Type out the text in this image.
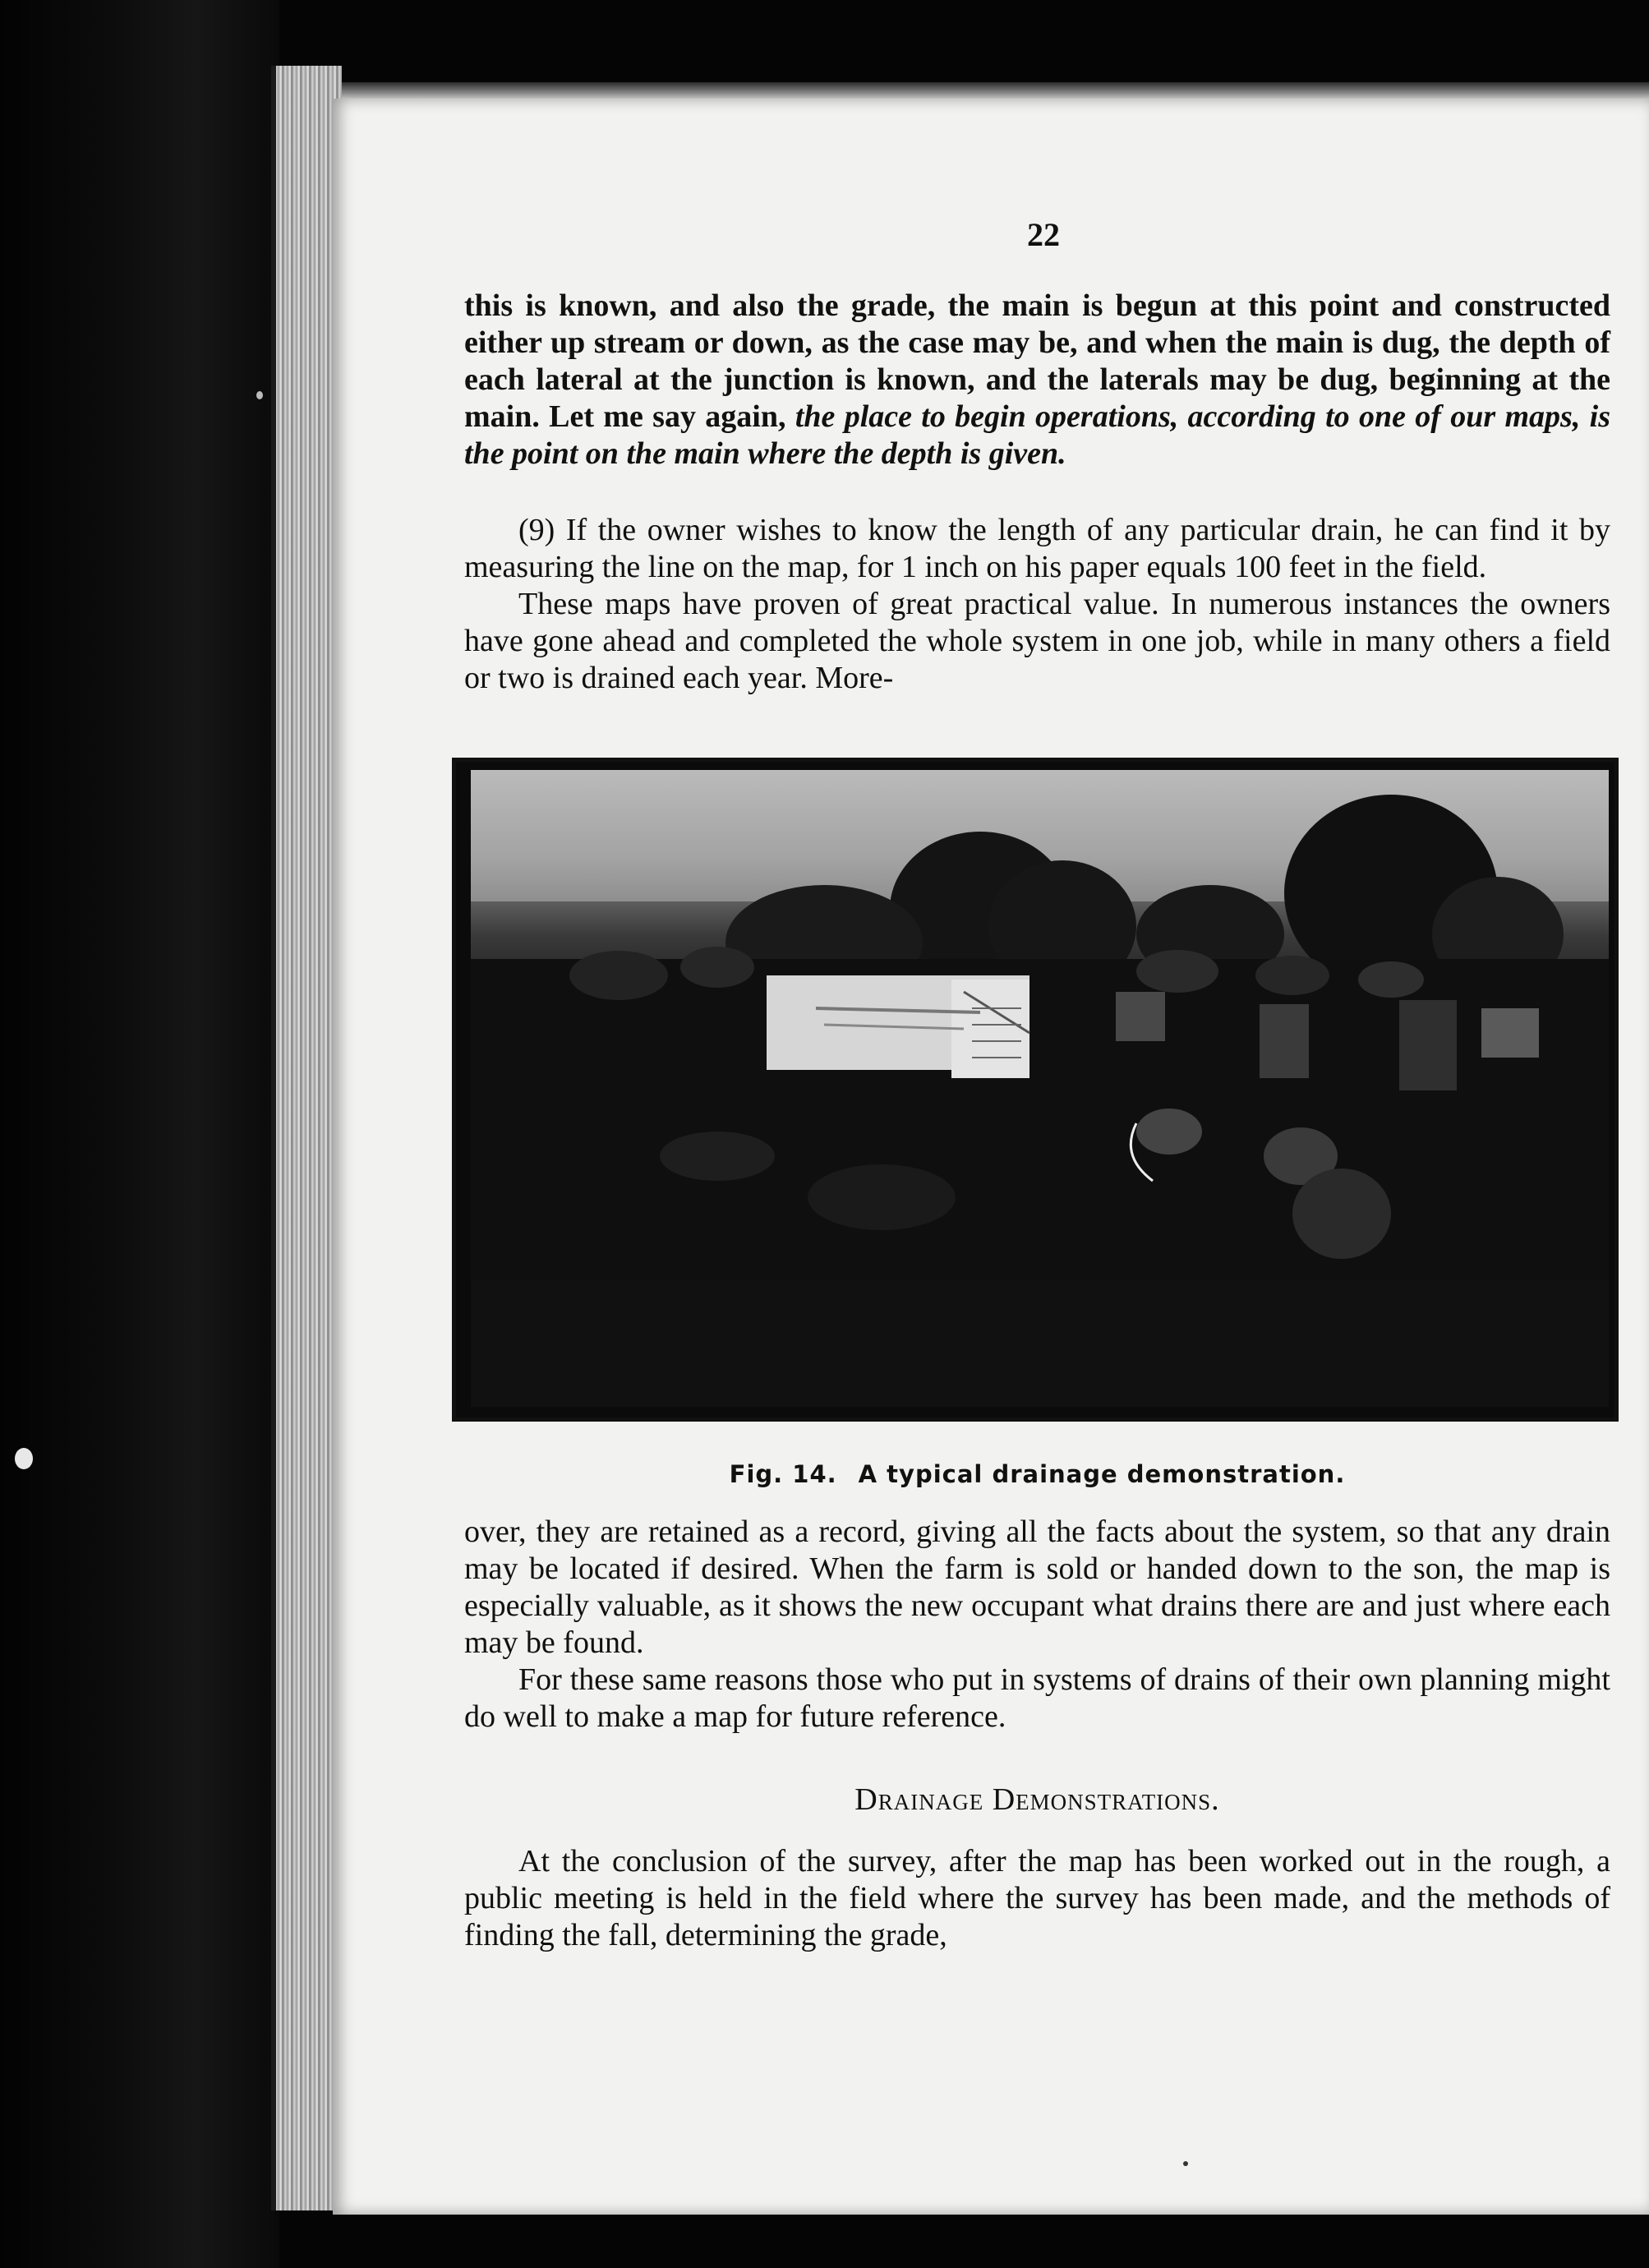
22

this is known, and also the grade, the main is begun at this point and constructed either up stream or down, as the case may be, and when the main is dug, the depth of each lateral at the junction is known, and the laterals may be dug, beginning at the main. Let me say again, the place to begin operations, according to one of our maps, is the point on the main where the depth is given.

(9) If the owner wishes to know the length of any particular drain, he can find it by measuring the line on the map, for 1 inch on his paper equals 100 feet in the field.

These maps have proven of great practical value. In numerous instances the owners have gone ahead and completed the whole system in one job, while in many others a field or two is drained each year. More-

Fig. 14. A typical drainage demonstration.

over, they are retained as a record, giving all the facts about the system, so that any drain may be located if desired. When the farm is sold or handed down to the son, the map is especially valuable, as it shows the new occupant what drains there are and just where each may be found.

For these same reasons those who put in systems of drains of their own planning might do well to make a map for future reference.

Drainage Demonstrations.

At the conclusion of the survey, after the map has been worked out in the rough, a public meeting is held in the field where the survey has been made, and the methods of finding the fall, determining the grade,
